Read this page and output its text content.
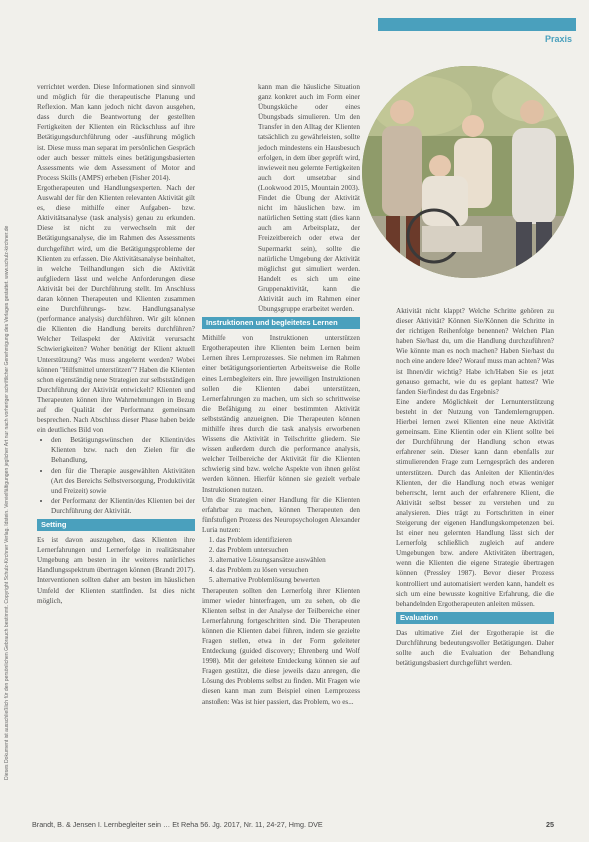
Dieses Dokument ist ausschließlich für den persönlichen Gebrauch bestimmt. Copyright Schulz-Kirchner Verlag. Idstein. Vervielfältigungen jeglicher Art nur nach vorheriger schriftlicher Genehmigung des Verlages gestattet. www.schulz-kirchner.de
Praxis

verrichtet werden. Diese Informationen sind sinnvoll und möglich für die therapeutische Planung und Reflexion. Man kann jedoch nicht davon ausgehen, dass durch die Beantwortung der gestellten Fertigkeiten der Klienten ein Rückschluss auf ihre Betätigungsdurchführung oder -ausführung möglich ist. Diese muss man separat im persönlichen Gespräch oder auch besser mittels eines betätigungsbasierten Assessments wie dem Assessment of Motor and Process Skills (AMPS) erheben (Fisher 2014).

Ergotherapeuten und Handlungsexperten. Nach der Auswahl der für den Klienten relevanten Aktivität gilt es, diese mithilfe einer Aufgaben- bzw. Aktivitätsanalyse (task analysis) genau zu erkunden. Diese ist nicht zu verwechseln mit der Betätigungsanalyse, die im Rahmen des Assessments durchgeführt wird, um die Betätigungsprobleme der Klienten zu erfassen. Die Aktivitätsanalyse beinhaltet, in welche Teilhandlungen sich die Aktivität aufgliedern lässt und welche Anforderungen diese Aktivität bei der Durchführung stellt. Im Anschluss daran können Therapeuten und Klienten zusammen eine Durchführungs- bzw. Handlungsanalyse (performance analysis) durchführen. Wir gilt können die Klienten die Handlung bereits durchführen? Welcher Teilaspekt der Aktivität verursacht Schwierigkeiten? Woher benötigt der Klient aktuell Unterstützung? Was muss angelernt werden? Wobei können "Hilfsmittel unterstützen"? Haben die Klienten schon eigenständig neue Strategien zur selbstständigen Durchführung der Aktivität entwickelt? Klienten und Therapeuten können ihre Wahrnehmungen in Bezug auf die Qualität der Performanz gemeinsam besprechen. Nach Abschluss dieser Phase haben beide ein deutliches Bild von

• den Betätigungswünschen der Klientin/des Klienten bzw. nach den Zielen für die Behandlung,
• den für die Therapie ausgewählten Aktivitäten (Art des Bereichs Selbstversorgung, Produktivität und Freizeit) sowie
• der Performanz der Klientin/des Klienten bei der Durchführung der Aktivität.
Setting

Es ist davon auszugehen, dass Klienten ihre Lernerfahrungen und Lernerfolge in realitätsnaher Umgebung am besten in ihr weiteres natürliches Handlungsspektrum übertragen können (Brandt 2017). Interventionen sollten daher am besten im häuslichen Umfeld der Klienten stattfinden. Ist dies nicht möglich,

kann man die häusliche Situation ganz konkret auch im Form einer Übungsküche oder eines Übungsbads simulieren. Um den Transfer in den Alltag der Klienten tatsächlich zu gewährleisten, sollte jedoch mindestens ein Hausbesuch erfolgen, in dem über geprüft wird, inwieweit neu gelernte Fertigkeiten auch dort umsetzbar sind (Lookwood 2015, Mountain 2003).

Findet die Übung der Aktivität nicht im häuslichen bzw. im natürlichen Setting statt (dies kann auch am Arbeitsplatz, der Freizeitbereich oder etwa der Supermarkt sein), sollte die natürliche Umgebung der Aktivität möglichst gut simuliert werden. Handelt es sich um eine Gruppenaktivität, kann die Aktivität auch im Rahmen einer Übungsgruppe erarbeitet werden.

Instruktionen und begleitetes Lernen

Mithilfe von Instruktionen unterstützen Ergotherapeuten ihre Klienten beim Lernen beim Lernen ihres Lernprozesses. Sie nehmen im Rahmen einer betätigungsorientierten Arbeitsweise die Rolle eines Lernbegleiters ein. Ihre jeweiligen Instruktionen sollen die Klienten dabei unterstützen, Lernerfahrungen zu machen, um sich so schrittweise die Befähigung zu einer bestimmten Aktivität selbstständig anzueignen. Die Therapeuten können mithilfe ihres durch die task analysis erworbenen Wissens die Aktivität in Teilschritte gliedern. Sie wissen außerdem durch die performance analysis, welcher Teilbereiche der Aktivität für die Klienten schwierig sind bzw. welche Aspekte von ihnen gelöst werden können. Hierfür können sie gezielt verbale Instruktionen nutzen.

Um die Strategien einer Handlung für die Klienten erfahrbar zu machen, können Therapeuten den fünfstufigen Prozess des Neuropsychologen Alexander Luria nutzen:

1. das Problem identifizieren
2. das Problem untersuchen
3. alternative Lösungsansätze auswählen
4. das Problem zu lösen versuchen
5. alternative Problemlösung bewerten

Therapeuten sollten den Lernerfolg ihrer Klienten immer wieder hinterfragen, um zu sehen, ob die Klienten selbst in der Analyse der Teilbereiche einer Lernerfahrung fortgeschritten sind. Die Therapeuten können die Klienten dabei führen, indem sie gezielte Fragen stellen, etwa in der Form geleiteter Entdeckung (guided discovery; Ehrenberg und Wolf 1998). Mit der geleitete Entdeckung können sie auf Fragen gestützt, die diese jeweils dazu anregen, die Lösung des Problems selbst zu finden. Mit Fragen wie diesen kann man zum Beispiel einen Lernprozess anstoßen: Was ist hier passiert, das Problem, wo es...

Aktivität nicht klappt? Welche Schritte gehören zu dieser Aktivität? Können Sie/Können die Schritte in der richtigen Reihenfolge benennen? Welchen Plan haben Sie/hast du, um die Handlung durchzuführen? Wie könnte man es noch machen? Haben Sie/hast du noch eine andere Idee? Worauf muss man achten? Was ist Ihnen/dir wichtig? Habe ich/Haben Sie es jetzt genauso gemacht, wie du es geplant hattest? Wie fanden Sie/findest du das Ergebnis?

Eine andere Möglichkeit der Lernunterstützung besteht in der Nutzung von Tandemlerngruppen. Hierbei lernen zwei Klienten eine neue Aktivität gemeinsam. Eine Klientin oder ein Klient sollte bei der Durchführung der Handlung schon etwas erfahrener sein. Dieser kann dann ebenfalls zur stimulierenden Frage zum Lerngespräch des anderen unterstützen. Durch das Anleiten der Klientin/des Klienten, der die Handlung noch etwas weniger beherrscht, lernt auch der erfahrenere Klient, die Aktivität selbst besser zu verstehen und zu analysieren. Dies trägt zu Fortschritten in einer Steigerung der eigenen Handlungskompetenzen bei. Ist einer neu gelernten Handlung lässt sich der Lernerfolg schließlich zugleich auf andere Umgebungen bzw. andere Aktivitäten übertragen, wenn die Klienten die eigene Strategie übertragen können (Pressley 1987). Bevor dieser Prozess kontrolliert und automatisiert werden kann, handelt es sich um eine bewusste kognitive Erfahrung, die die behandelnden Ergotherapeuten anleiten müssen.

Evaluation

Das ultimative Ziel der Ergotherapie ist die Durchführung bedeutungsvoller Betätigungen. Daher sollte auch die Evaluation der Behandlung betätigungsbasiert durchgeführt werden.

Brandt, B. & Jensen I. Lernbegleiter sein … Et Reha 56. Jg. 2017, Nr. 11, 24-27, Hmg. DVE	25
